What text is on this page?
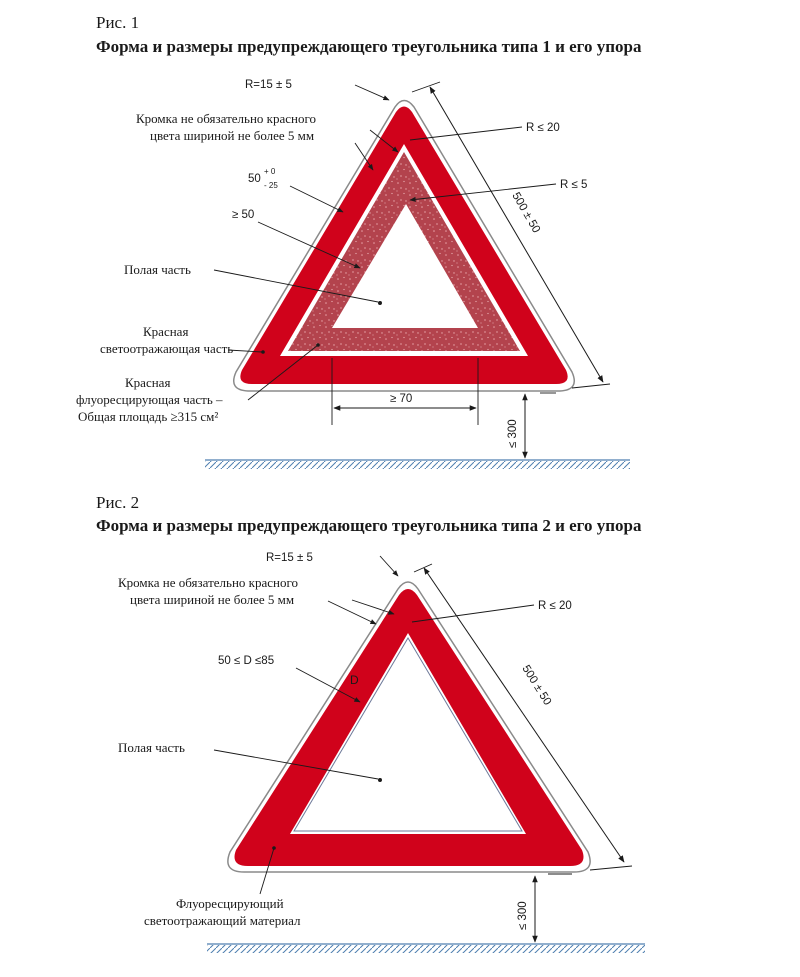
Рис. 1
Форма и размеры предупреждающего треугольника типа 1 и его упора
R=15 ± 5
Кромка не обязательно красного
цвета шириной не более 5 мм	R ≤ 20
R ≤ 5
50
+ 0
- 25
≥ 50
Полая часть
Красная
светоотражающая часть
Красная
флуоресцирующая часть –
Общая площадь ≥315 см²
500 ± 50
≥ 70
≤ 300
Рис. 2
Форма и размеры предупреждающего треугольника типа 2 и его упора
R=15 ± 5
Кромка не обязательно красного
цвета шириной не более 5 мм	R ≤ 20
50 ≤ D ≤85
D
Полая часть
Флуоресцирующий
светоотражающий материал
500 ± 50
≤ 300
